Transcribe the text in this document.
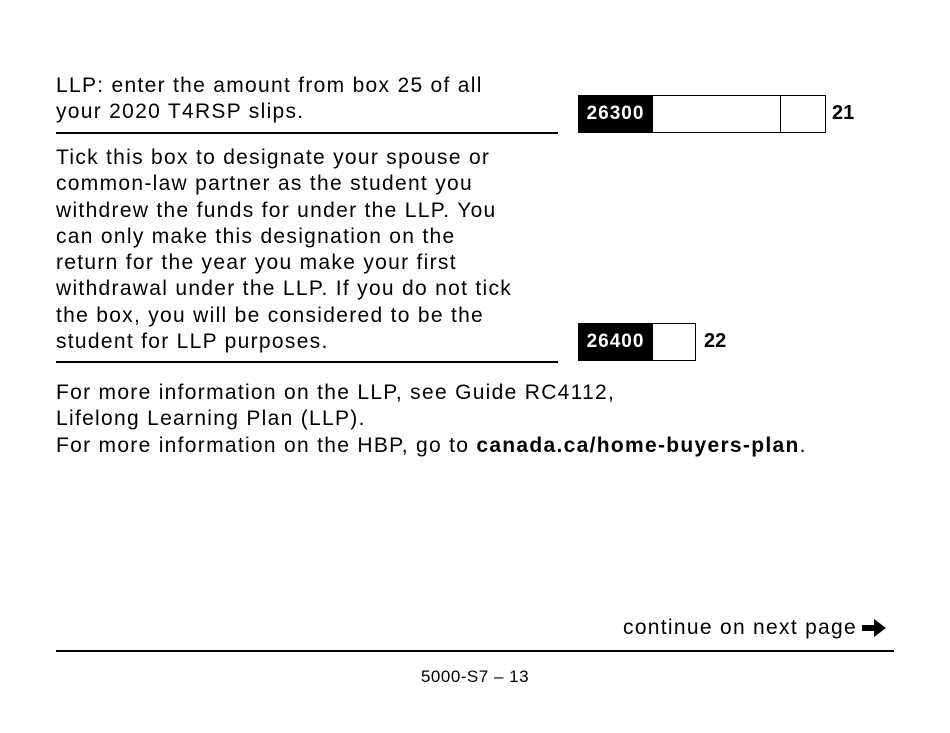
LLP: enter the amount from box 25 of all
your 2020 T4RSP slips.	26300	21

Tick this box to designate your spouse or
common-law partner as the student you
withdrew the funds for under the LLP. You
can only make this designation on the
return for the year you make your first
withdrawal under the LLP. If you do not tick
the box, you will be considered to be the
student for LLP purposes.	26400	22
For more information on the LLP, see Guide RC4112,
Lifelong Learning Plan (LLP).
For more information on the HBP, go to canada.ca/home-buyers-plan.
continue on next page
5000-S7 – 13
